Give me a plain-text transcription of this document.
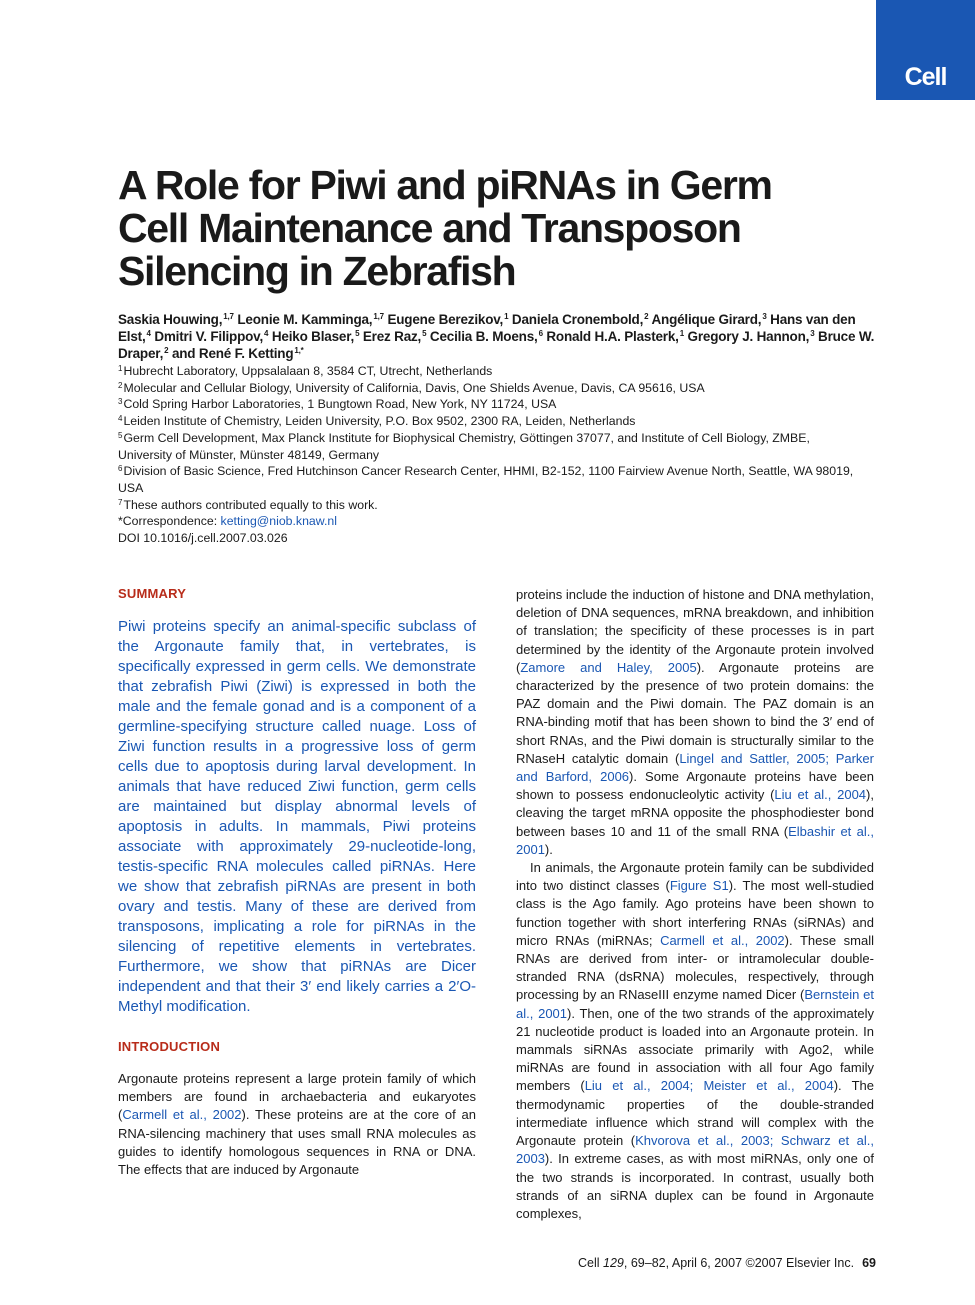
Cell
A Role for Piwi and piRNAs in Germ Cell Maintenance and Transposon Silencing in Zebrafish
Saskia Houwing,$^{1,7}$ Leonie M. Kamminga,$^{1,7}$ Eugene Berezikov,$^1$ Daniela Cronembold,$^2$ Angélique Girard,$^3$ Hans van den Elst,$^4$ Dmitri V. Filippov,$^4$ Heiko Blaser,$^5$ Erez Raz,$^5$ Cecilia B. Moens,$^6$ Ronald H.A. Plasterk,$^1$ Gregory J. Hannon,$^3$ Bruce W. Draper,$^2$ and René F. Ketting$^{1,*}$
$^1$Hubrecht Laboratory, Uppsalalaan 8, 3584 CT, Utrecht, Netherlands
$^2$Molecular and Cellular Biology, University of California, Davis, One Shields Avenue, Davis, CA 95616, USA
$^3$Cold Spring Harbor Laboratories, 1 Bungtown Road, New York, NY 11724, USA
$^4$Leiden Institute of Chemistry, Leiden University, P.O. Box 9502, 2300 RA, Leiden, Netherlands
$^5$Germ Cell Development, Max Planck Institute for Biophysical Chemistry, Göttingen 37077, and Institute of Cell Biology, ZMBE, University of Münster, Münster 48149, Germany
$^6$Division of Basic Science, Fred Hutchinson Cancer Research Center, HHMI, B2-152, 1100 Fairview Avenue North, Seattle, WA 98019, USA
$^7$These authors contributed equally to this work.
*Correspondence: ketting@niob.knaw.nl
DOI 10.1016/j.cell.2007.03.026
SUMMARY

Piwi proteins specify an animal-specific subclass of the Argonaute family that, in vertebrates, is specifically expressed in germ cells. We demonstrate that zebrafish Piwi (Ziwi) is expressed in both the male and the female gonad and is a component of a germline-specifying structure called nuage. Loss of Ziwi function results in a progressive loss of germ cells due to apoptosis during larval development. In animals that have reduced Ziwi function, germ cells are maintained but display abnormal levels of apoptosis in adults. In mammals, Piwi proteins associate with approximately 29-nucleotide-long, testis-specific RNA molecules called piRNAs. Here we show that zebrafish piRNAs are present in both ovary and testis. Many of these are derived from transposons, implicating a role for piRNAs in the silencing of repetitive elements in vertebrates. Furthermore, we show that piRNAs are Dicer independent and that their 3′ end likely carries a 2′O-Methyl modification.

INTRODUCTION

Argonaute proteins represent a large protein family of which members are found in archaebacteria and eukaryotes (Carmell et al., 2002). These proteins are at the core of an RNA-silencing machinery that uses small RNA molecules as guides to identify homologous sequences in RNA or DNA. The effects that are induced by Argonaute

proteins include the induction of histone and DNA methylation, deletion of DNA sequences, mRNA breakdown, and inhibition of translation; the specificity of these processes is in part determined by the identity of the Argonaute protein involved (Zamore and Haley, 2005). Argonaute proteins are characterized by the presence of two protein domains: the PAZ domain and the Piwi domain. The PAZ domain is an RNA-binding motif that has been shown to bind the 3′ end of short RNAs, and the Piwi domain is structurally similar to the RNaseH catalytic domain (Lingel and Sattler, 2005; Parker and Barford, 2006). Some Argonaute proteins have been shown to possess endonucleolytic activity (Liu et al., 2004), cleaving the target mRNA opposite the phosphodiester bond between bases 10 and 11 of the small RNA (Elbashir et al., 2001).

In animals, the Argonaute protein family can be subdivided into two distinct classes (Figure S1). The most well-studied class is the Ago family. Ago proteins have been shown to function together with short interfering RNAs (siRNAs) and micro RNAs (miRNAs; Carmell et al., 2002). These small RNAs are derived from inter- or intramolecular double-stranded RNA (dsRNA) molecules, respectively, through processing by an RNaseIII enzyme named Dicer (Bernstein et al., 2001). Then, one of the two strands of the approximately 21 nucleotide product is loaded into an Argonaute protein. In mammals siRNAs associate primarily with Ago2, while miRNAs are found in association with all four Ago family members (Liu et al., 2004; Meister et al., 2004). The thermodynamic properties of the double-stranded intermediate influence which strand will complex with the Argonaute protein (Khvorova et al., 2003; Schwarz et al., 2003). In extreme cases, as with most miRNAs, only one of the two strands is incorporated. In contrast, usually both strands of an siRNA duplex can be found in Argonaute complexes,

Cell 129, 69–82, April 6, 2007 ©2007 Elsevier Inc. 69
